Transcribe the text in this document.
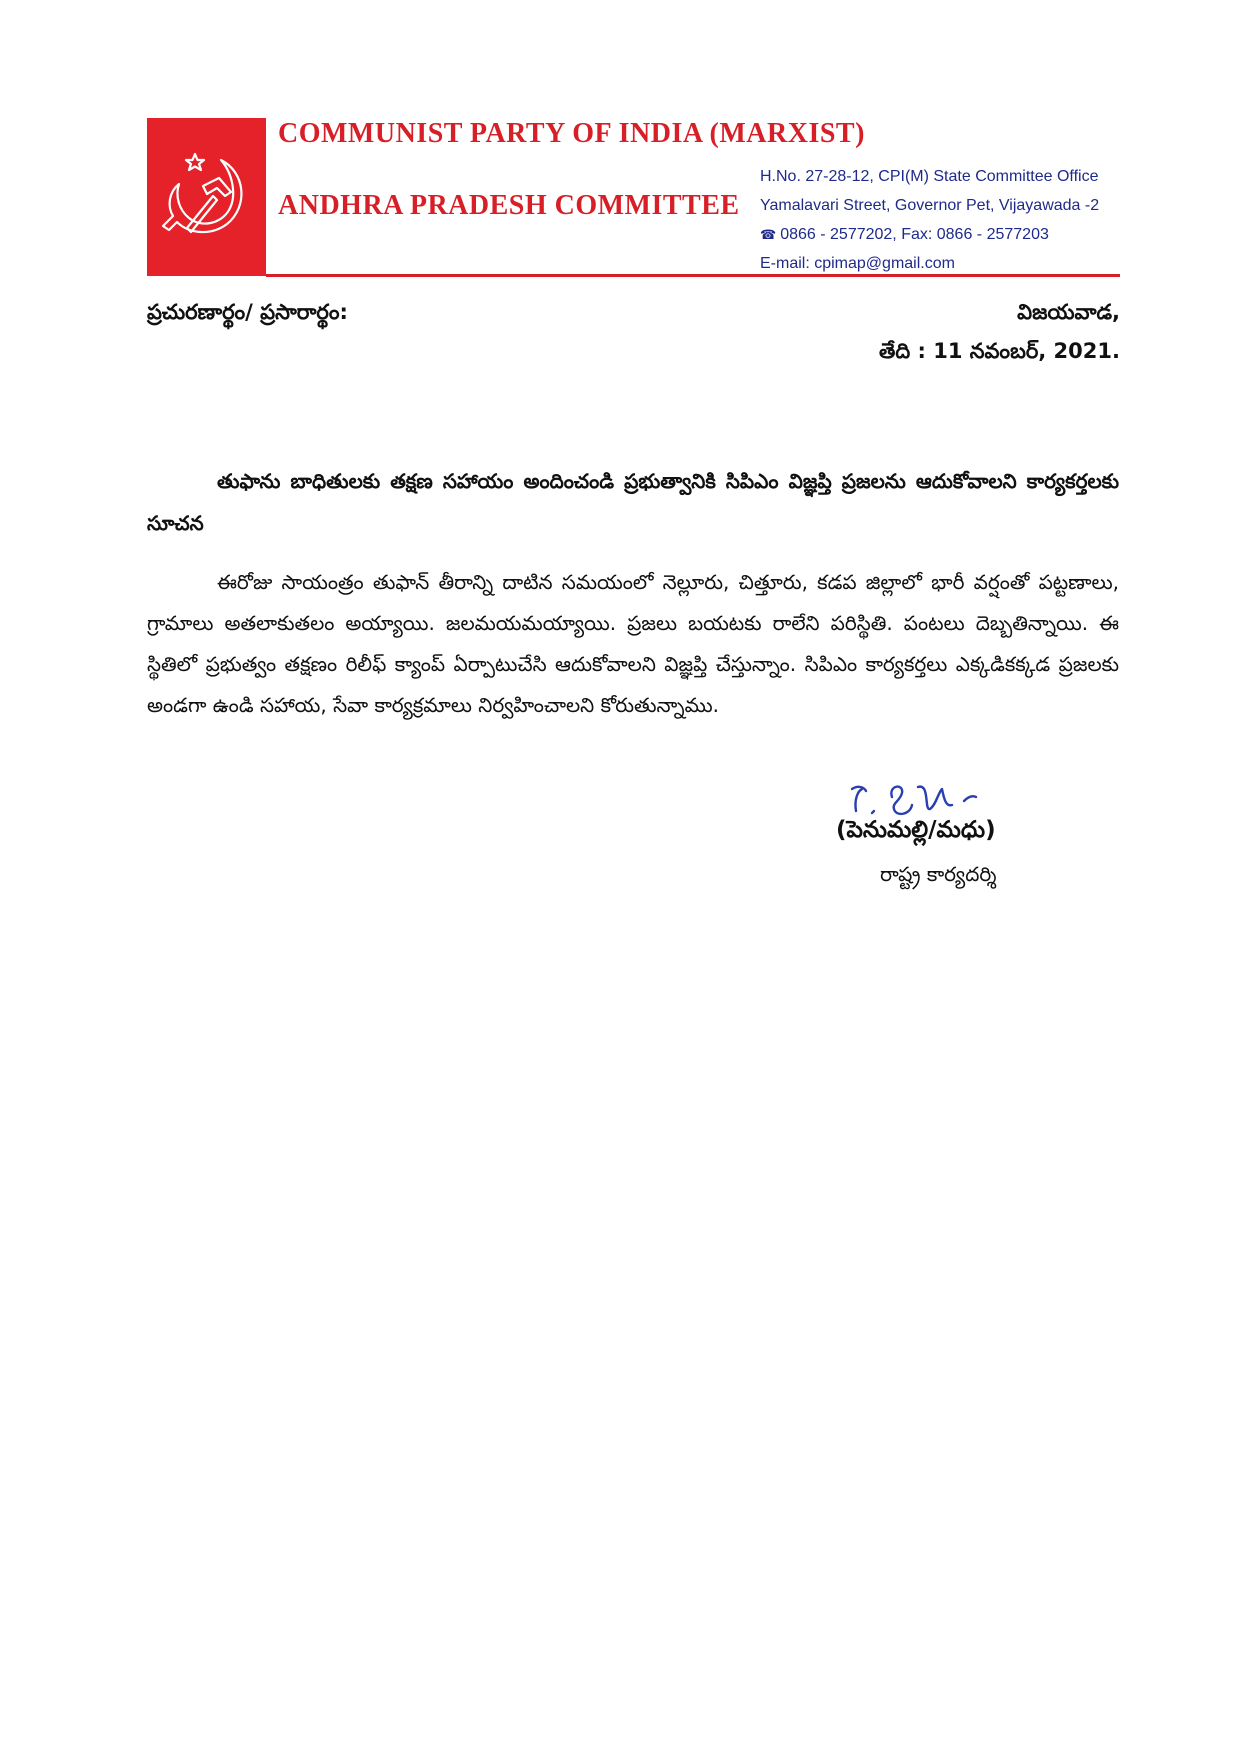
COMMUNIST PARTY OF INDIA (MARXIST)
ANDHRA PRADESH COMMITTEE
H.No. 27-28-12, CPI(M) State Committee Office
Yamalavari Street, Governor Pet, Vijayawada -2
☎ 0866 - 2577202, Fax: 0866 - 2577203
E-mail: cpimap@gmail.com
ప్రచురణార్థం/ ప్రసారార్థం:	విజయవాడ,
తేది : 11 నవంబర్, 2021.
తుఫాను బాధితులకు తక్షణ సహాయం అందించండి ప్రభుత్వానికి సిపిఎం విజ్ఞప్తి ప్రజలను ఆదుకోవాలని కార్యకర్తలకు సూచన
ఈరోజు సాయంత్రం తుఫాన్ తీరాన్ని దాటిన సమయంలో నెల్లూరు, చిత్తూరు, కడప జిల్లాలో భారీ వర్షంతో పట్టణాలు, గ్రామాలు అతలాకుతలం అయ్యాయి. జలమయమయ్యాయి. ప్రజలు బయటకు రాలేని పరిస్థితి. పంటలు దెబ్బతిన్నాయి. ఈ స్థితిలో ప్రభుత్వం తక్షణం రిలీఫ్ క్యాంప్ ఏర్పాటుచేసి ఆదుకోవాలని విజ్ఞప్తి చేస్తున్నాం. సిపిఎం కార్యకర్తలు ఎక్కడికక్కడ ప్రజలకు అండగా ఉండి సహాయ, సేవా కార్యక్రమాలు నిర్వహించాలని కోరుతున్నాము.
(పెనుమల్లి/మధు)
రాష్ట్ర కార్యదర్శి
